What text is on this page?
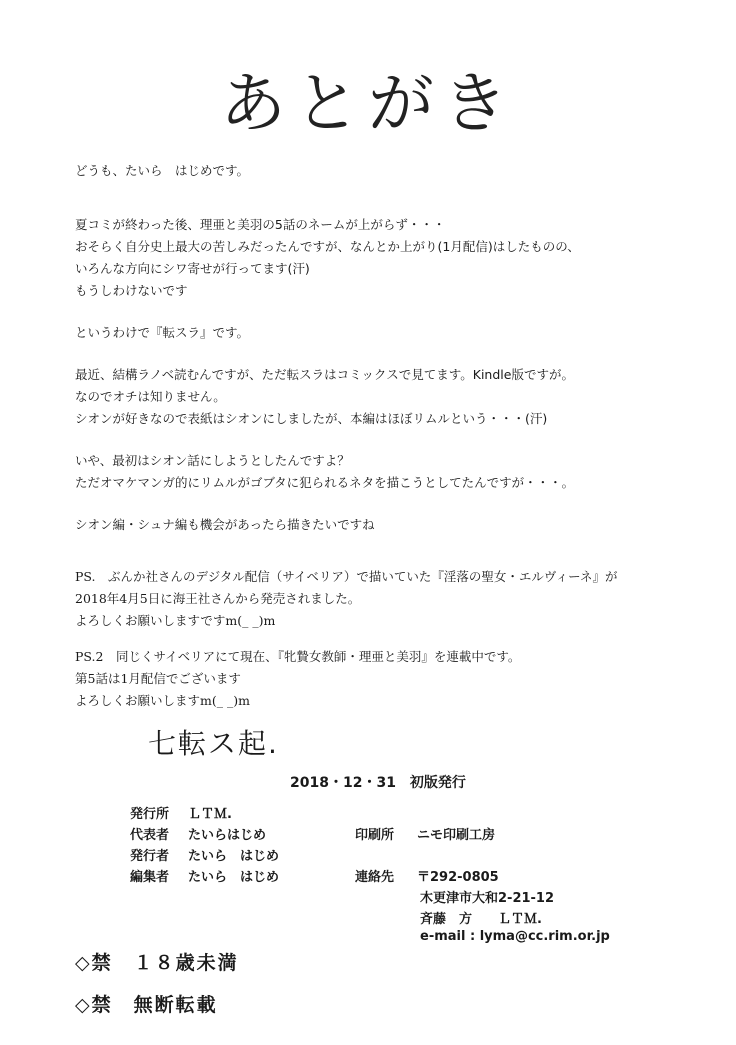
あとがき

どうも、たいら　はじめです。

夏コミが終わった後、理亜と美羽の5話のネームが上がらず・・・

おそらく自分史上最大の苦しみだったんですが、なんとか上がり(1月配信)はしたものの、

いろんな方向にシワ寄せが行ってます(汗)

もうしわけないです

というわけで『転スラ』です。

最近、結構ラノベ読むんですが、ただ転スラはコミックスで見てます。Kindle版ですが。

なのでオチは知りません。

シオンが好きなので表紙はシオンにしましたが、本編はほぼリムルという・・・(汗)

いや、最初はシオン話にしようとしたんですよ？

ただオマケマンガ的にリムルがゴブタに犯られるネタを描こうとしてたんですが・・・。

シオン編・シュナ編も機会があったら描きたいですね

PS.　ぶんか社さんのデジタル配信（サイベリア）で描いていた『淫落の聖女・エルヴィーネ』が

2018年4月5日に海王社さんから発売されました。

よろしくお願いしますですm(_ _)m

PS.2　同じくサイベリアにて現在、『牝贄女教師・理亜と美羽』を連載中です。

第5話は1月配信でございます

よろしくお願いしますm(_ _)m

七転ス起.
2018・12・31　初版発行
発行所 ＬＴＭ.
代表者 たいらはじめ
発行者 たいら　はじめ
編集者 たいら　はじめ
印刷所 ニモ印刷工房
連絡先 〒292-0805
木更津市大和2-21-12
斉藤　方　　ＬＴＭ.
e-mail : lyma@cc.rim.or.jp
◇禁　１８歳未満
◇禁　無断転載
